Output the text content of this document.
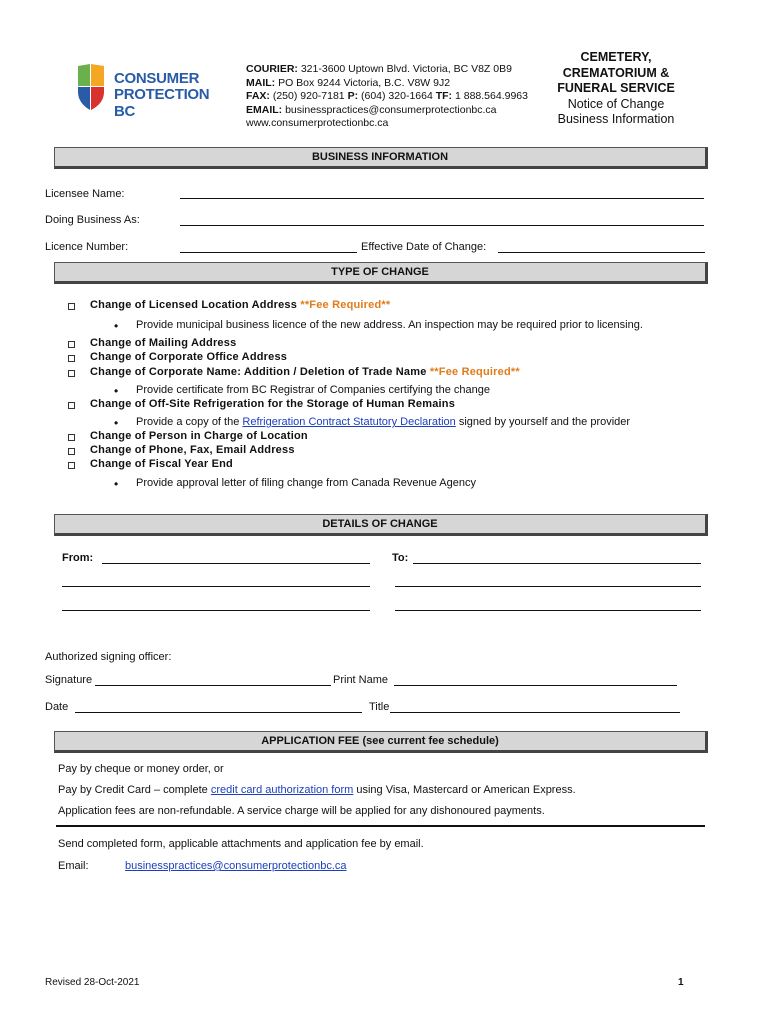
CONSUMER
PROTECTION BC
COURIER: 321-3600 Uptown Blvd. Victoria, BC V8Z 0B9
MAIL: PO Box 9244 Victoria, B.C. V8W 9J2
FAX: (250) 920-7181 P: (604) 320-1664 TF: 1 888.564.9963
EMAIL: businesspractices@consumerprotectionbc.ca
www.consumerprotectionbc.ca
CEMETERY,
CREMATORIUM &
FUNERAL SERVICE
Notice of Change
Business Information
BUSINESS INFORMATION
Licensee Name:
Doing Business As:
Licence Number:	Effective Date of Change:
TYPE OF CHANGE
Change of Licensed Location Address **Fee Required**
• Provide municipal business licence of the new address. An inspection may be required prior to licensing.
Change of Mailing Address
Change of Corporate Office Address
Change of Corporate Name: Addition / Deletion of Trade Name **Fee Required**
• Provide certificate from BC Registrar of Companies certifying the change
Change of Off-Site Refrigeration for the Storage of Human Remains
• Provide a copy of the Refrigeration Contract Statutory Declaration signed by yourself and the provider
Change of Person in Charge of Location
Change of Phone, Fax, Email Address
Change of Fiscal Year End
• Provide approval letter of filing change from Canada Revenue Agency
DETAILS OF CHANGE
From:	To:
Authorized signing officer:
Signature	Print Name
Date	Title
APPLICATION FEE (see current fee schedule)
Pay by cheque or money order, or
Pay by Credit Card – complete credit card authorization form using Visa, Mastercard or American Express.
Application fees are non-refundable. A service charge will be applied for any dishonoured payments.
Send completed form, applicable attachments and application fee by email.
Email:	businesspractices@consumerprotectionbc.ca
Revised 28-Oct-2021	1
